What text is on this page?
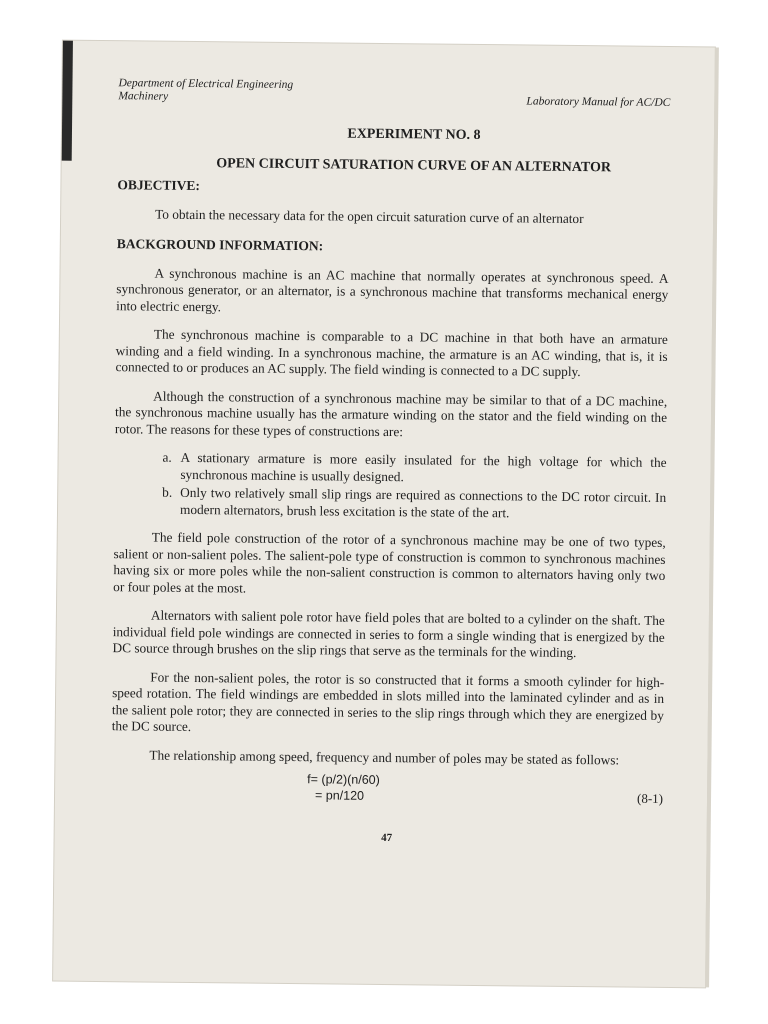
Department of Electrical Engineering
Machinery	Laboratory Manual for AC/DC
EXPERIMENT NO. 8
OPEN CIRCUIT SATURATION CURVE OF AN ALTERNATOR
OBJECTIVE:
To obtain the necessary data for the open circuit saturation curve of an alternator
BACKGROUND INFORMATION:

A synchronous machine is an AC machine that normally operates at synchronous speed. A synchronous generator, or an alternator, is a synchronous machine that transforms mechanical energy into electric energy.

The synchronous machine is comparable to a DC machine in that both have an armature winding and a field winding. In a synchronous machine, the armature is an AC winding, that is, it is connected to or produces an AC supply. The field winding is connected to a DC supply.

Although the construction of a synchronous machine may be similar to that of a DC machine, the synchronous machine usually has the armature winding on the stator and the field winding on the rotor. The reasons for these types of constructions are:

a. A stationary armature is more easily insulated for the high voltage for which the synchronous machine is usually designed.
b. Only two relatively small slip rings are required as connections to the DC rotor circuit. In modern alternators, brush less excitation is the state of the art.

The field pole construction of the rotor of a synchronous machine may be one of two types, salient or non-salient poles. The salient-pole type of construction is common to synchronous machines having six or more poles while the non-salient construction is common to alternators having only two or four poles at the most.

Alternators with salient pole rotor have field poles that are bolted to a cylinder on the shaft. The individual field pole windings are connected in series to form a single winding that is energized by the DC source through brushes on the slip rings that serve as the terminals for the winding.

For the non-salient poles, the rotor is so constructed that it forms a smooth cylinder for high-speed rotation. The field windings are embedded in slots milled into the laminated cylinder and as in the salient pole rotor; they are connected in series to the slip rings through which they are energized by the DC source.

The relationship among speed, frequency and number of poles may be stated as follows:

f= (p/2)(n/60)
= pn/120	(8-1)
47
